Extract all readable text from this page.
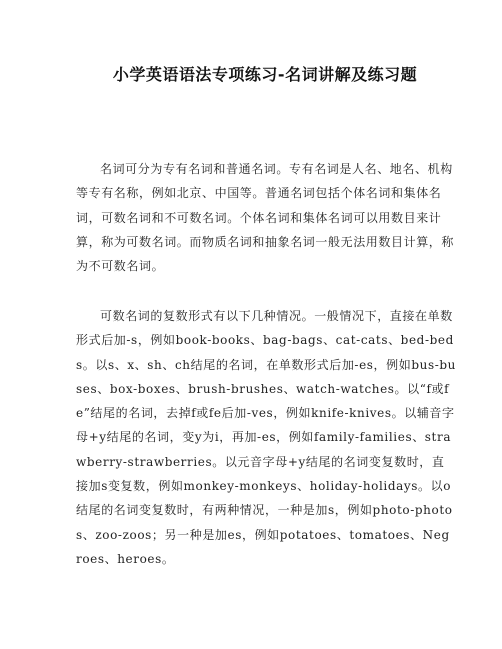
小学英语语法专项练习-名词讲解及练习题

名词可分为专有名词和普通名词。专有名词是人名、地名、机构等专有名称，例如北京、中国等。普通名词包括个体名词和集体名词，可数名词和不可数名词。个体名词和集体名词可以用数目来计算，称为可数名词。而物质名词和抽象名词一般无法用数目计算，称为不可数名词。

可数名词的复数形式有以下几种情况。一般情况下，直接在单数形式后加-s，例如book-books、bag-bags、cat-cats、bed-beds。以s、x、sh、ch结尾的名词，在单数形式后加-es，例如bus-buses、box-boxes、brush-brushes、watch-watches。以“f或fe”结尾的名词，去掉f或fe后加-ves，例如knife-knives。以辅音字母+y结尾的名词，变y为i，再加-es，例如family-families、strawberry-strawberries。以元音字母+y结尾的名词变复数时，直接加s变复数，例如monkey-monkeys、holiday-holidays。以o结尾的名词变复数时，有两种情况，一种是加s，例如photo-photos、zoo-zoos；另一种是加es，例如potatoes、tomatoes、Negroes、heroes。
